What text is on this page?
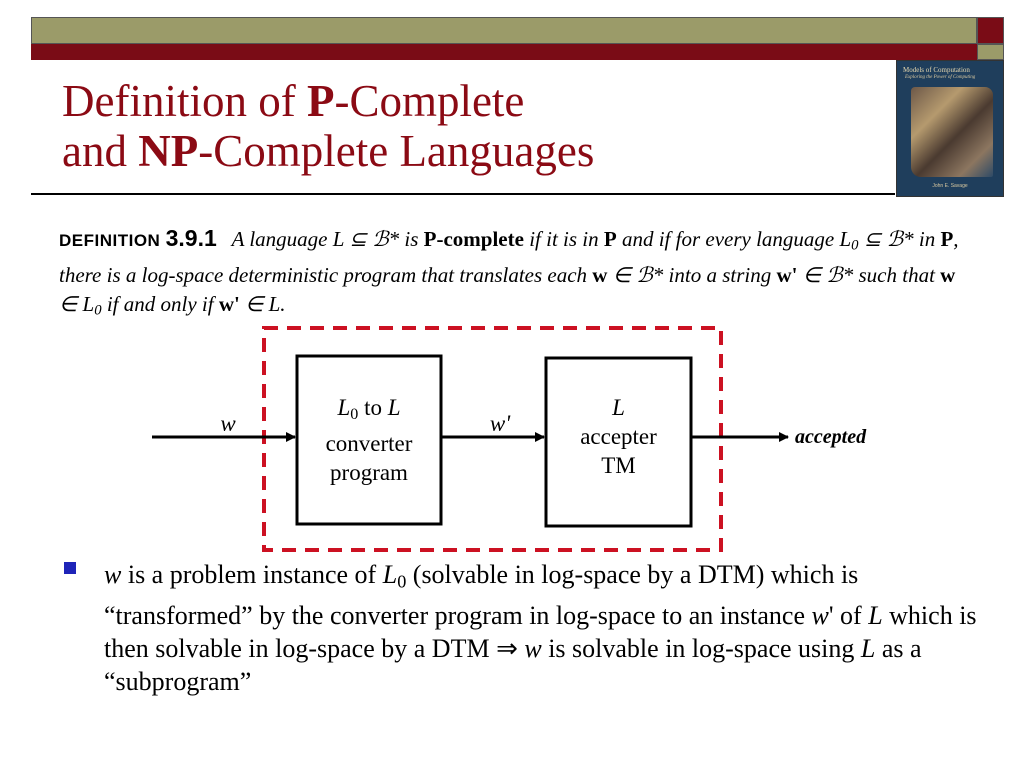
Definition of P-Complete
and NP-Complete Languages
Models of Computation
Exploring the Power of Computing
John E. Savage
DEFINITION 3.9.1 A language L ⊆ ℬ* is P-complete if it is in P and if for every language $L_0$ ⊆ ℬ* in P, there is a log-space deterministic program that translates each w ∈ ℬ* into a string w' ∈ ℬ* such that w ∈ $L_0$ if and only if w' ∈ L.
w
$L_0$ to L
converter
program
w'
L
accepter
TM
accepted
w is a problem instance of $L_0$ (solvable in log-space by a DTM) which is “transformed” by the converter program in log-space to an instance w' of L which is then solvable in log-space by a DTM ⇒ w is solvable in log-space using L as a “subprogram”
